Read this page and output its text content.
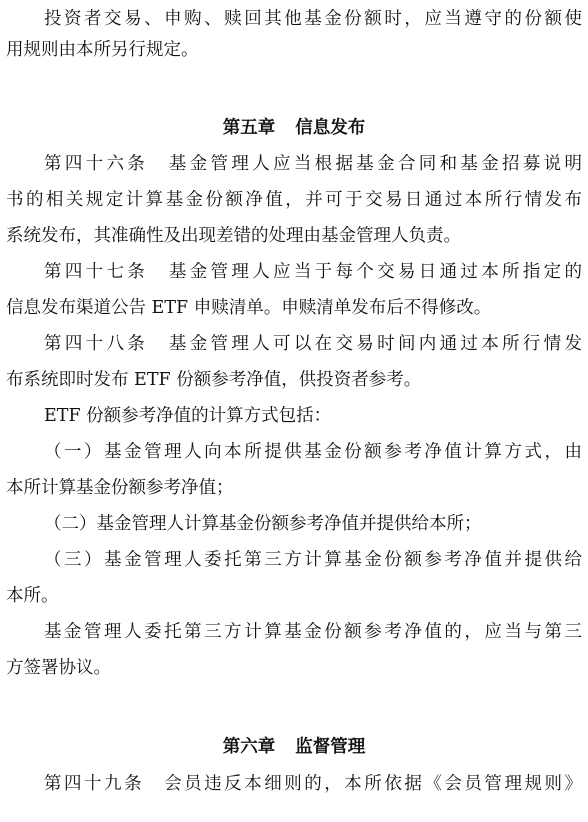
投资者交易、申购、赎回其他基金份额时，应当遵守的份额使
用规则由本所另行规定。
第五章 信息发布
第四十六条　基金管理人应当根据基金合同和基金招募说明
书的相关规定计算基金份额净值，并可于交易日通过本所行情发布
系统发布，其准确性及出现差错的处理由基金管理人负责。
第四十七条　基金管理人应当于每个交易日通过本所指定的
信息发布渠道公告 ETF 申赎清单。申赎清单发布后不得修改。
第四十八条　基金管理人可以在交易时间内通过本所行情发
布系统即时发布 ETF 份额参考净值，供投资者参考。
ETF 份额参考净值的计算方式包括：
（一）基金管理人向本所提供基金份额参考净值计算方式，由
本所计算基金份额参考净值；
（二）基金管理人计算基金份额参考净值并提供给本所；
（三）基金管理人委托第三方计算基金份额参考净值并提供给
本所。
基金管理人委托第三方计算基金份额参考净值的，应当与第三
方签署协议。
第六章 监督管理
第四十九条　会员违反本细则的，本所依据《会员管理规则》
